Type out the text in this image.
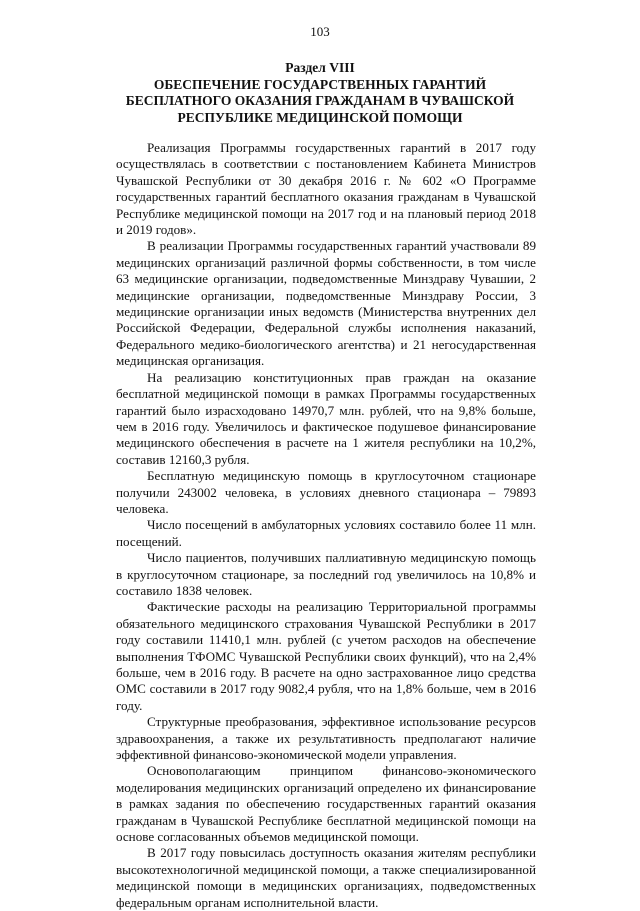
103
Раздел VIII
ОБЕСПЕЧЕНИЕ ГОСУДАРСТВЕННЫХ ГАРАНТИЙ
БЕСПЛАТНОГО ОКАЗАНИЯ ГРАЖДАНАМ В ЧУВАШСКОЙ
РЕСПУБЛИКЕ МЕДИЦИНСКОЙ ПОМОЩИ

Реализация Программы государственных гарантий в 2017 году осуществлялась в соответствии с постановлением Кабинета Министров Чувашской Республики от 30 декабря 2016 г. № 602 «О Программе государственных гарантий бесплатного оказания гражданам в Чувашской Республике медицинской помощи на 2017 год и на плановый период 2018 и 2019 годов».

В реализации Программы государственных гарантий участвовали 89 медицинских организаций различной формы собственности, в том числе 63 медицинские организации, подведомственные Минздраву Чувашии, 2 медицинские организации, подведомственные Минздраву России, 3 медицинские организации иных ведомств (Министерства внутренних дел Российской Федерации, Федеральной службы исполнения наказаний, Федерального медико-биологического агентства) и 21 негосударственная медицинская организация.

На реализацию конституционных прав граждан на оказание бесплатной медицинской помощи в рамках Программы государственных гарантий было израсходовано 14970,7 млн. рублей, что на 9,8% больше, чем в 2016 году. Увеличилось и фактическое подушевое финансирование медицинского обеспечения в расчете на 1 жителя республики на 10,2%, составив 12160,3 рубля.

Бесплатную медицинскую помощь в круглосуточном стационаре получили 243002 человека, в условиях дневного стационара – 79893 человека.

Число посещений в амбулаторных условиях составило более 11 млн. посещений.

Число пациентов, получивших паллиативную медицинскую помощь в круглосуточном стационаре, за последний год увеличилось на 10,8% и составило 1838 человек.

Фактические расходы на реализацию Территориальной программы обязательного медицинского страхования Чувашской Республики в 2017 году составили 11410,1 млн. рублей (с учетом расходов на обеспечение выполнения ТФОМС Чувашской Республики своих функций), что на 2,4% больше, чем в 2016 году. В расчете на одно застрахованное лицо средства ОМС составили в 2017 году 9082,4 рубля, что на 1,8% больше, чем в 2016 году.

Структурные преобразования, эффективное использование ресурсов здравоохранения, а также их результативность предполагают наличие эффективной финансово-экономической модели управления.

Основополагающим принципом финансово-экономического моделирования медицинских организаций определено их финансирование в рамках задания по обеспечению государственных гарантий оказания гражданам в Чувашской Республике бесплатной медицинской помощи на основе согласованных объемов медицинской помощи.

В 2017 году повысилась доступность оказания жителям республики высокотехнологичной медицинской помощи, а также специализированной медицинской помощи в медицинских организациях, подведомственных федеральным органам исполнительной власти.
